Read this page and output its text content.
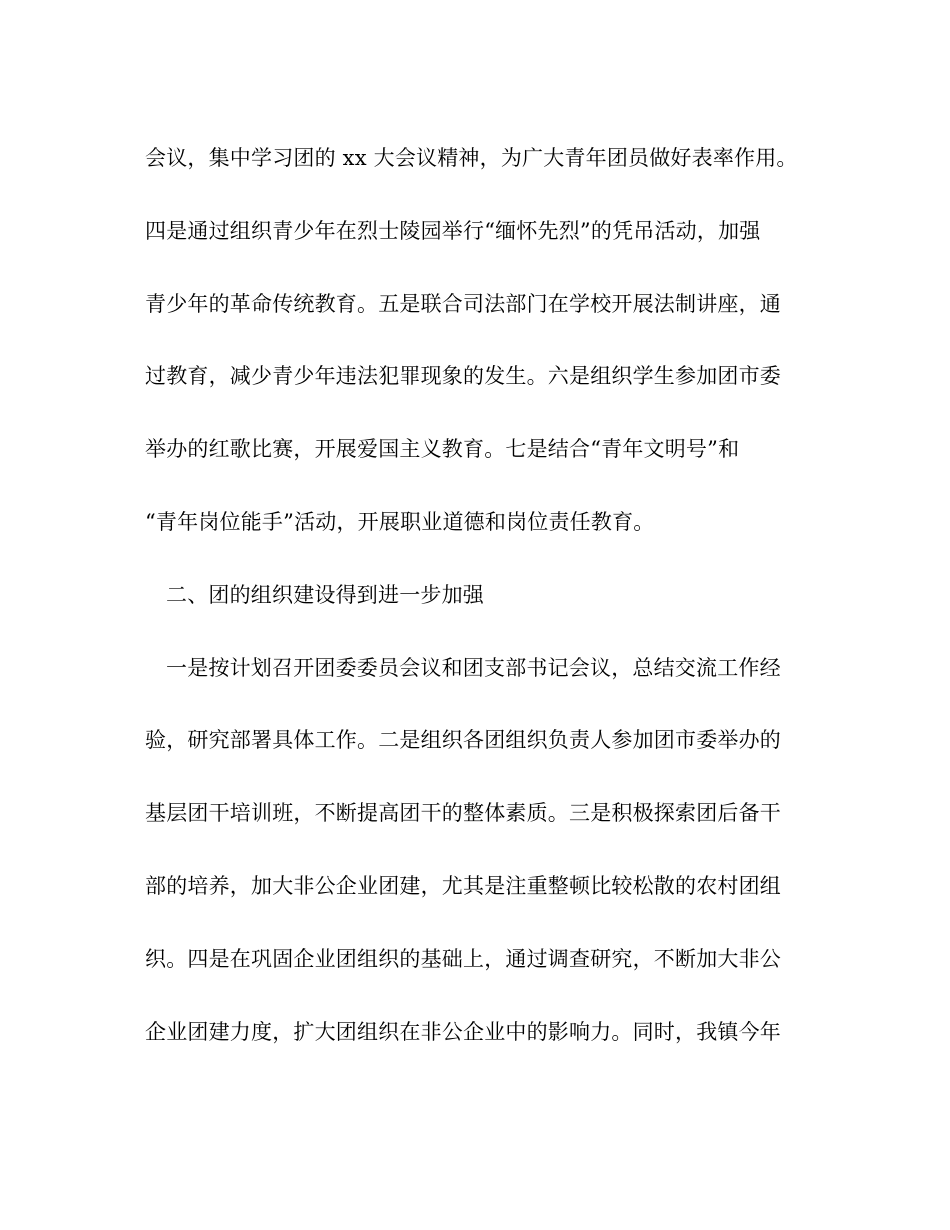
会议，集中学习团的 xx 大会议精神，为广大青年团员做好表率作用。
四是通过组织青少年在烈士陵园举行“缅怀先烈”的凭吊活动，加强
青少年的革命传统教育。五是联合司法部门在学校开展法制讲座，通
过教育，减少青少年违法犯罪现象的发生。六是组织学生参加团市委
举办的红歌比赛，开展爱国主义教育。七是结合“青年文明号”和
“青年岗位能手”活动，开展职业道德和岗位责任教育。
二、团的组织建设得到进一步加强
一是按计划召开团委委员会议和团支部书记会议，总结交流工作经
验，研究部署具体工作。二是组织各团组织负责人参加团市委举办的
基层团干培训班，不断提高团干的整体素质。三是积极探索团后备干
部的培养，加大非公企业团建，尤其是注重整顿比较松散的农村团组
织。四是在巩固企业团组织的基础上，通过调查研究，不断加大非公
企业团建力度，扩大团组织在非公企业中的影响力。同时，我镇今年
